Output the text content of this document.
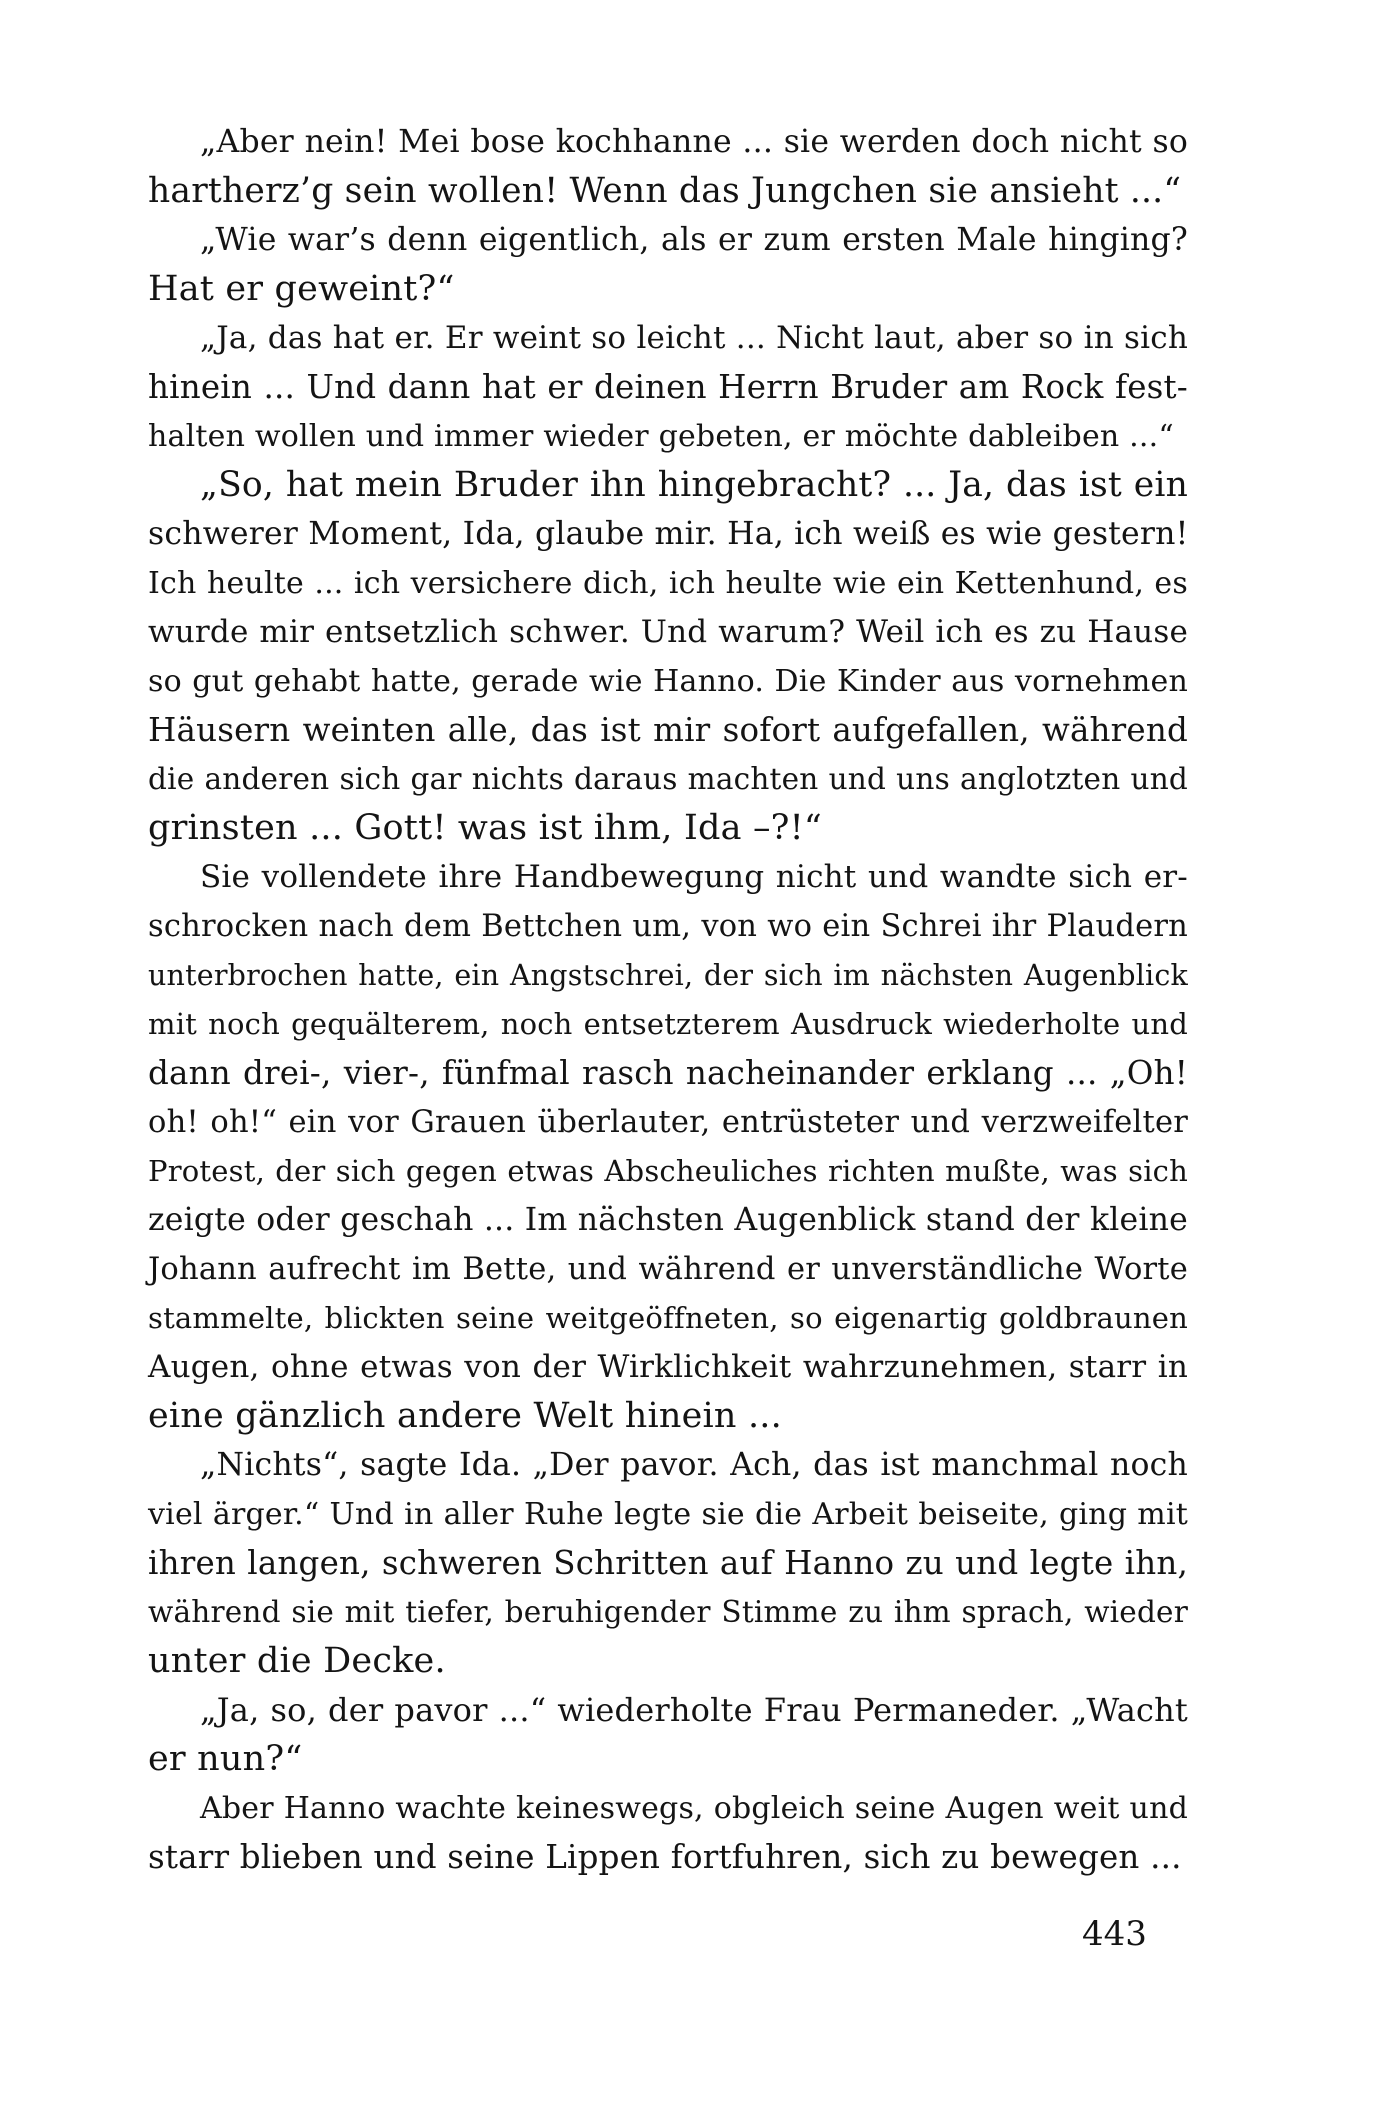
„Aber nein! Mei bose kochhanne ... sie werden doch nicht so
hartherz’g sein wollen! Wenn das Jungchen sie ansieht ...“
„Wie war’s denn eigentlich, als er zum ersten Male hinging?
Hat er geweint?“
„Ja, das hat er. Er weint so leicht ... Nicht laut, aber so in sich
hinein ... Und dann hat er deinen Herrn Bruder am Rock fest-
halten wollen und immer wieder gebeten, er möchte dableiben ...“
„So, hat mein Bruder ihn hingebracht? ... Ja, das ist ein
schwerer Moment, Ida, glaube mir. Ha, ich weiß es wie gestern!
Ich heulte ... ich versichere dich, ich heulte wie ein Kettenhund, es
wurde mir entsetzlich schwer. Und warum? Weil ich es zu Hause
so gut gehabt hatte, gerade wie Hanno. Die Kinder aus vornehmen
Häusern weinten alle, das ist mir sofort aufgefallen, während
die anderen sich gar nichts daraus machten und uns anglotzten und
grinsten ... Gott! was ist ihm, Ida –?!“
Sie vollendete ihre Handbewegung nicht und wandte sich er-
schrocken nach dem Bettchen um, von wo ein Schrei ihr Plaudern
unterbrochen hatte, ein Angstschrei, der sich im nächsten Augenblick
mit noch gequälterem, noch entsetzterem Ausdruck wiederholte und
dann drei-, vier-, fünfmal rasch nacheinander erklang ... „Oh!
oh! oh!“ ein vor Grauen überlauter, entrüsteter und verzweifelter
Protest, der sich gegen etwas Abscheuliches richten mußte, was sich
zeigte oder geschah ... Im nächsten Augenblick stand der kleine
Johann aufrecht im Bette, und während er unverständliche Worte
stammelte, blickten seine weitgeöffneten, so eigenartig goldbraunen
Augen, ohne etwas von der Wirklichkeit wahrzunehmen, starr in
eine gänzlich andere Welt hinein ...
„Nichts“, sagte Ida. „Der pavor. Ach, das ist manchmal noch
viel ärger.“ Und in aller Ruhe legte sie die Arbeit beiseite, ging mit
ihren langen, schweren Schritten auf Hanno zu und legte ihn,
während sie mit tiefer, beruhigender Stimme zu ihm sprach, wieder
unter die Decke.
„Ja, so, der pavor ...“ wiederholte Frau Permaneder. „Wacht
er nun?“
Aber Hanno wachte keineswegs, obgleich seine Augen weit und
starr blieben und seine Lippen fortfuhren, sich zu bewegen ...
443
